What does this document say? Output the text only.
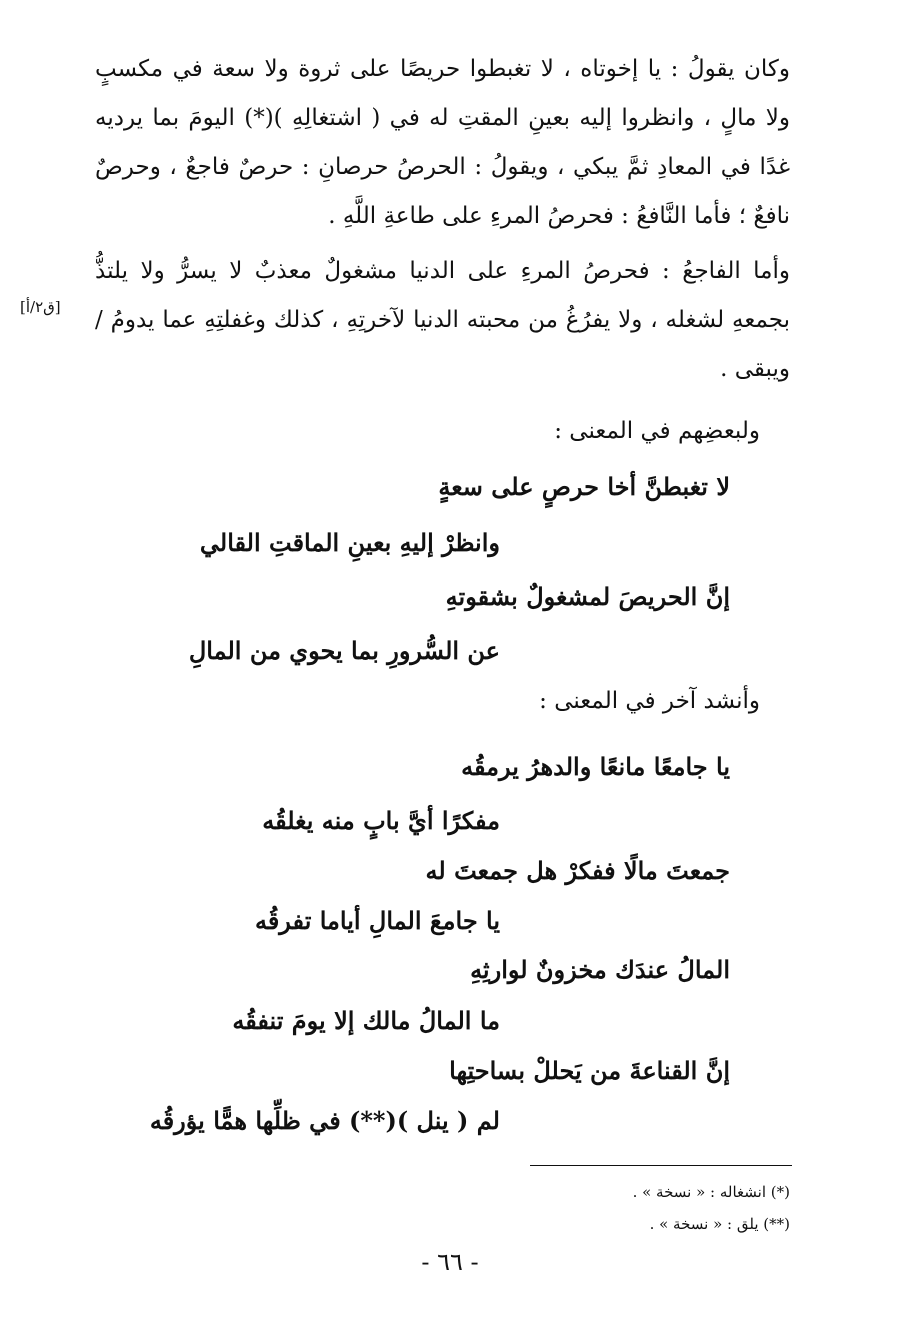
وكان يقولُ : يا إخوتاه ، لا تغبطوا حريصًا على ثروة ولا سعة في مكسبٍ ولا مالٍ ، وانظروا إليه بعينِ المقتِ له في ( اشتغالِهِ )(*) اليومَ بما يرديه غدًا في المعادِ ثمَّ يبكي ، ويقولُ : الحرصُ حرصانِ : حرصٌ فاجعٌ ، وحرصٌ نافعٌ ؛ فأما النَّافعُ : فحرصُ المرءِ على طاعةِ اللَّهِ .

وأما الفاجعُ : فحرصُ المرءِ على الدنيا مشغولٌ معذبٌ لا يسرُّ ولا يلتذُّ بجمعهِ لشغله ، ولا يفرُغُ من محبته الدنيا لآخرتِهِ ، كذلك وغفلتِهِ عما يدومُ / ويبقى .

[ق٢/أ]

ولبعضِهم في المعنى :

لا تغبطنَّ أخا حرصٍ على سعةٍ

وانظرْ إليهِ بعينِ الماقتِ القالي

إنَّ الحريصَ لمشغولٌ بشقوتهِ

عن السُّرورِ بما يحوي من المالِ

وأنشد آخر في المعنى :

يا جامعًا مانعًا والدهرُ يرمقُه

مفكرًا أيَّ بابٍ منه يغلقُه

جمعتَ مالًا ففكرْ هل جمعتَ له

يا جامعَ المالِ أياما تفرقُه

المالُ عندَك مخزونٌ لوارثِهِ

ما المالُ مالك إلا يومَ تنفقُه

إنَّ القناعةَ من يَحللْ بساحتِها

لم ( ينل )(**) في ظلِّها همًّا يؤرقُه

(*) انشغاله : « نسخة » .

(**) يلق : « نسخة » .

- ٦٦ -
